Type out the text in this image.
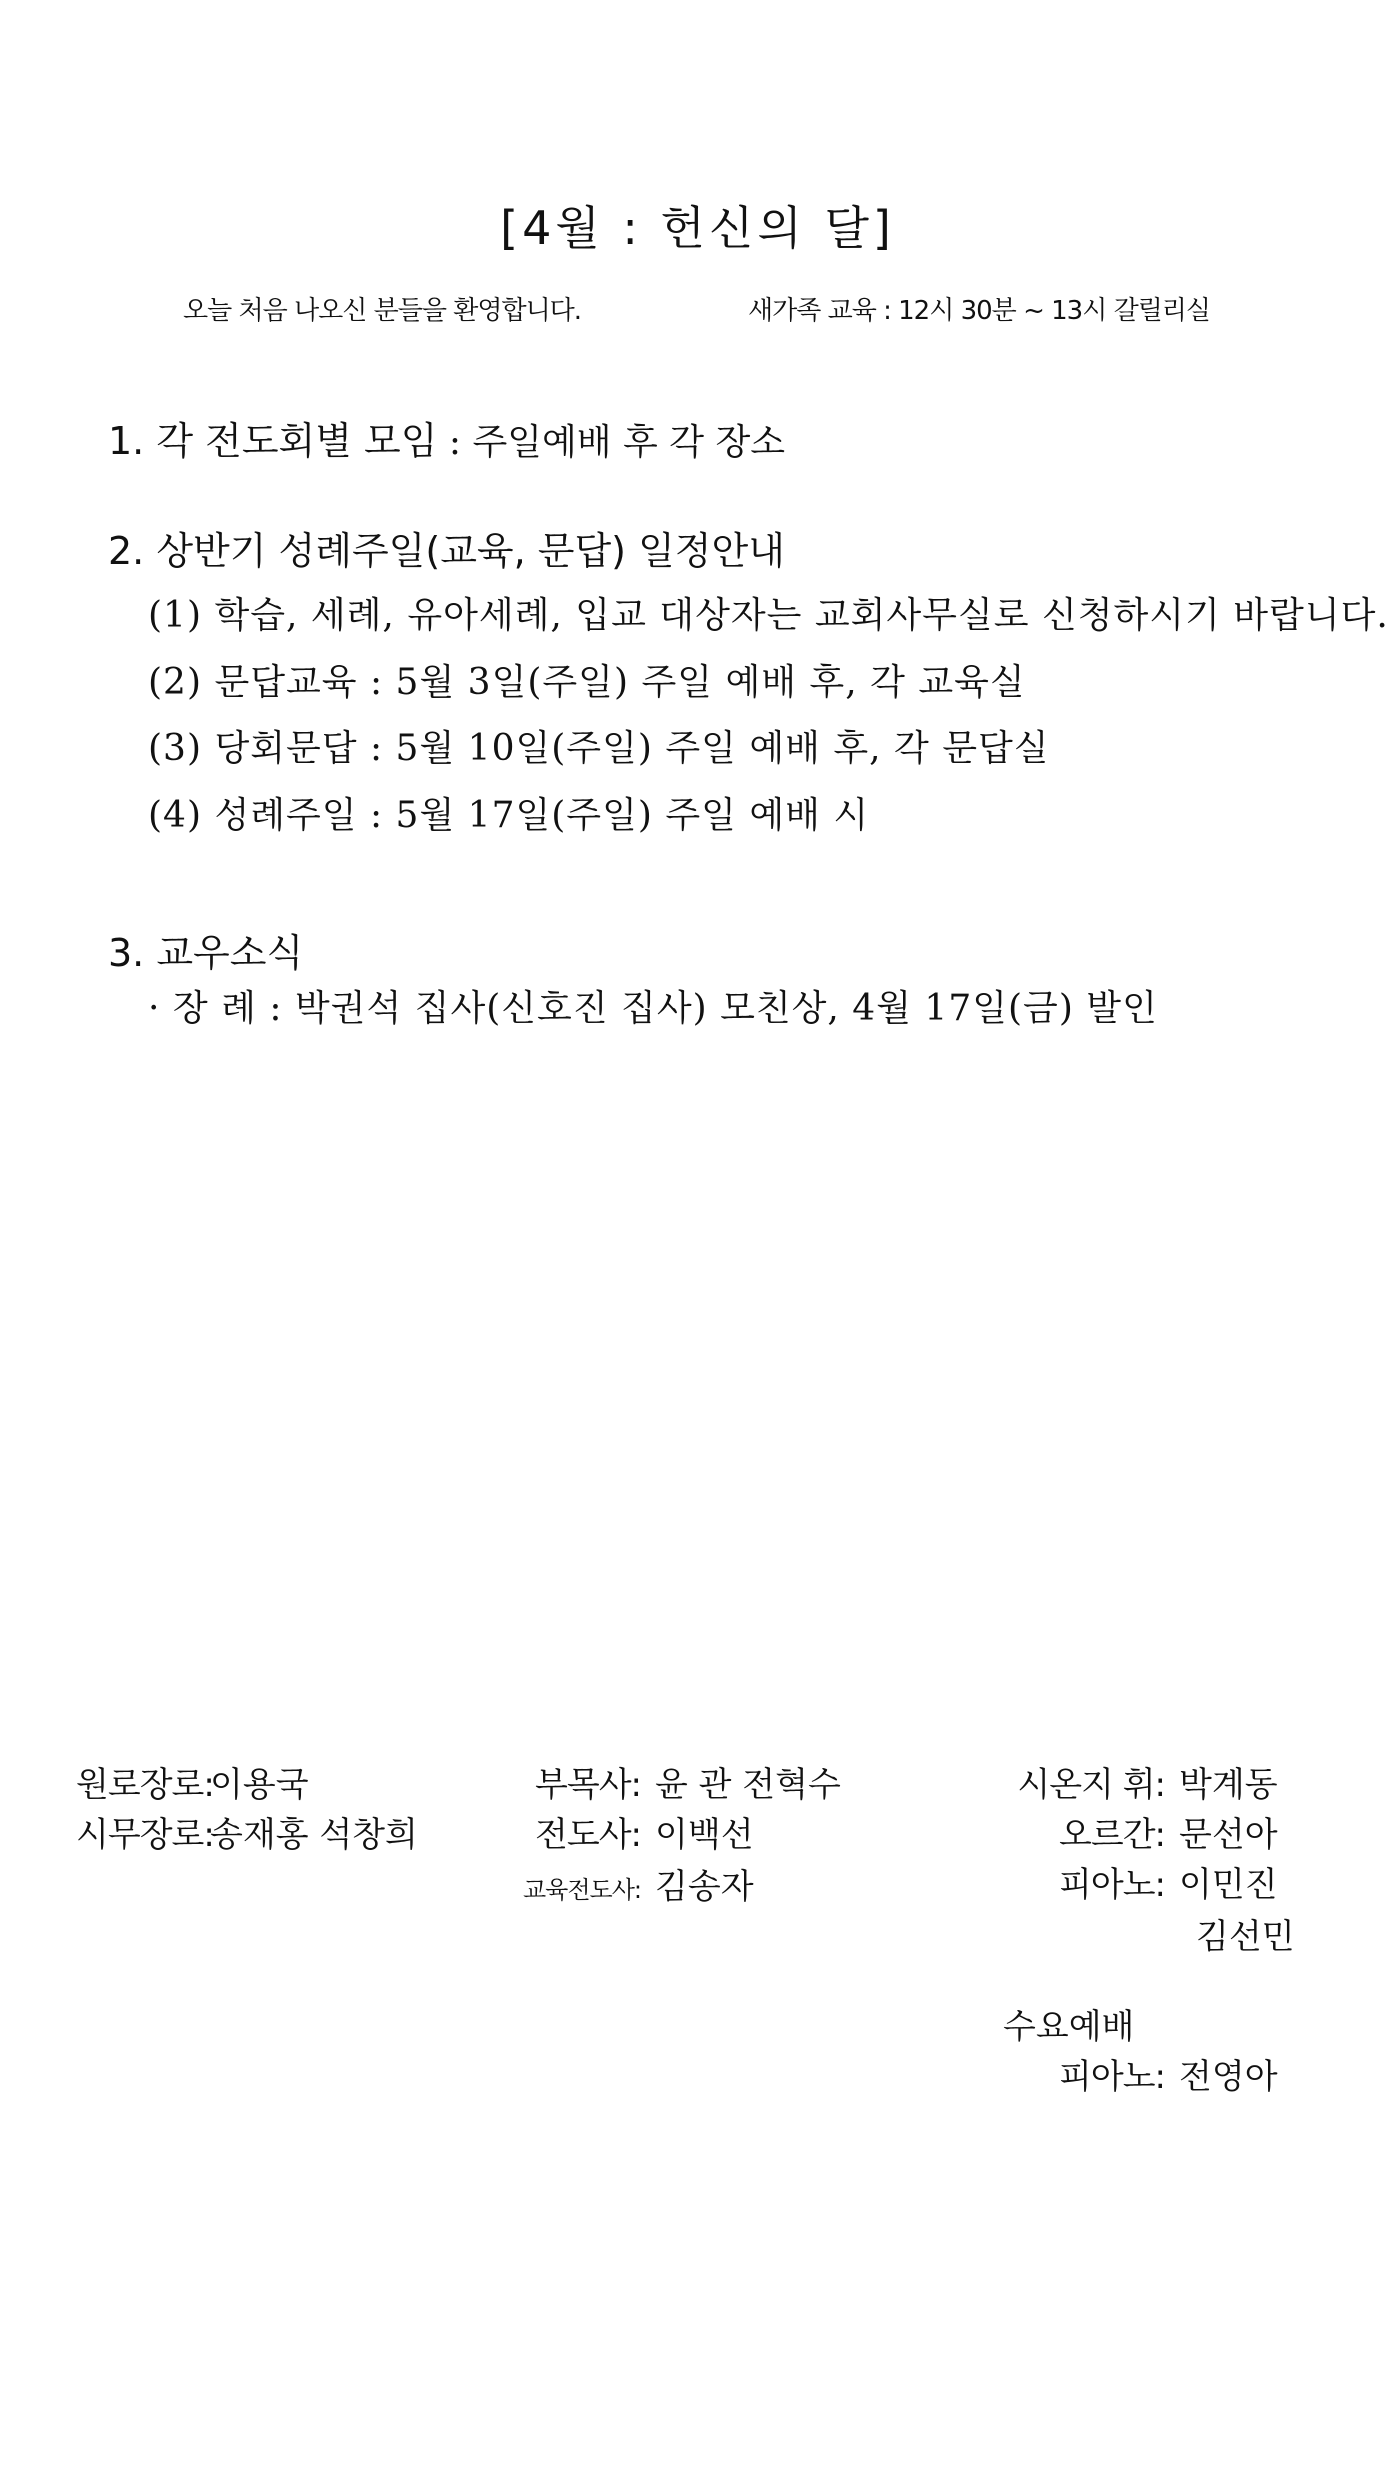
[4월 : 헌신의 달]
오늘 처음 나오신 분들을 환영합니다.	새가족 교육 : 12시 30분 ~ 13시 갈릴리실
1. 각 전도회별 모임 : 주일예배 후 각 장소
2. 상반기 성례주일(교육, 문답) 일정안내
(1) 학습, 세례, 유아세례, 입교 대상자는 교회사무실로 신청하시기 바랍니다.
(2) 문답교육 : 5월 3일(주일) 주일 예배 후, 각 교육실
(3) 당회문답 : 5월 10일(주일) 주일 예배 후, 각 문답실
(4) 성례주일 : 5월 17일(주일) 주일 예배 시
3. 교우소식
· 장 례 : 박권석 집사(신호진 집사) 모친상, 4월 17일(금) 발인
원로장로:이용국
시무장로:송재홍 석창희
부목사: 윤 관 전혁수
전도사: 이백선
교육전도사: 김송자
시온지 휘: 박계동
오르간: 문선아
피아노: 이민진
김선민
수요예배
피아노: 전영아
